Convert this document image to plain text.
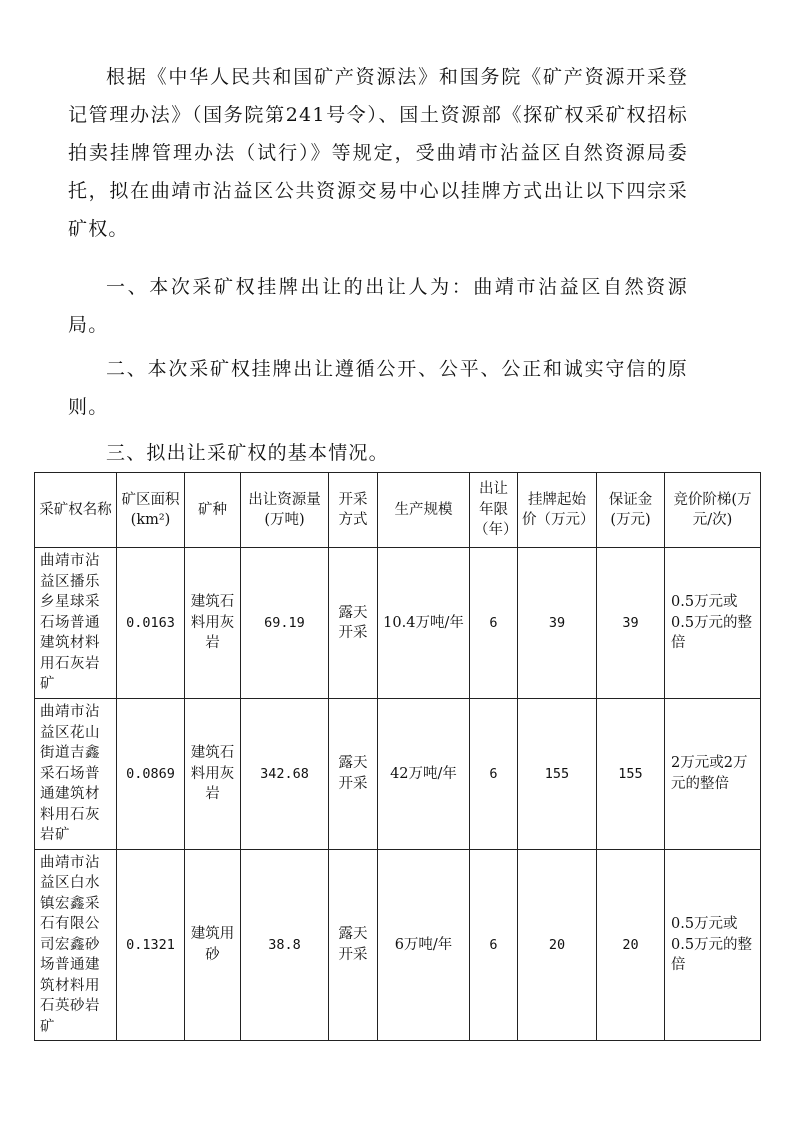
根据《中华人民共和国矿产资源法》和国务院《矿产资源开采登记管理办法》（国务院第241号令）、国土资源部《探矿权采矿权招标拍卖挂牌管理办法（试行）》等规定，受曲靖市沾益区自然资源局委托，拟在曲靖市沾益区公共资源交易中心以挂牌方式出让以下四宗采矿权。

一、本次采矿权挂牌出让的出让人为：曲靖市沾益区自然资源局。

二、本次采矿权挂牌出让遵循公开、公平、公正和诚实守信的原则。

三、拟出让采矿权的基本情况。

采矿权名称	矿区面积(km²)	矿种	出让资源量(万吨)	开采方式	生产规模	出让年限（年）	挂牌起始价（万元）	保证金(万元)	竞价阶梯(万元/次)
曲靖市沾益区播乐乡星球采石场普通建筑材料用石灰岩矿	0.0163	建筑石料用灰岩	69.19	露天开采	10.4万吨/年	6	39	39	0.5万元或0.5万元的整倍
曲靖市沾益区花山街道吉鑫采石场普通建筑材料用石灰岩矿	0.0869	建筑石料用灰岩	342.68	露天开采	42万吨/年	6	155	155	2万元或2万元的整倍
曲靖市沾益区白水镇宏鑫采石有限公司宏鑫砂场普通建筑材料用石英砂岩矿	0.1321	建筑用砂	38.8	露天开采	6万吨/年	6	20	20	0.5万元或0.5万元的整倍
